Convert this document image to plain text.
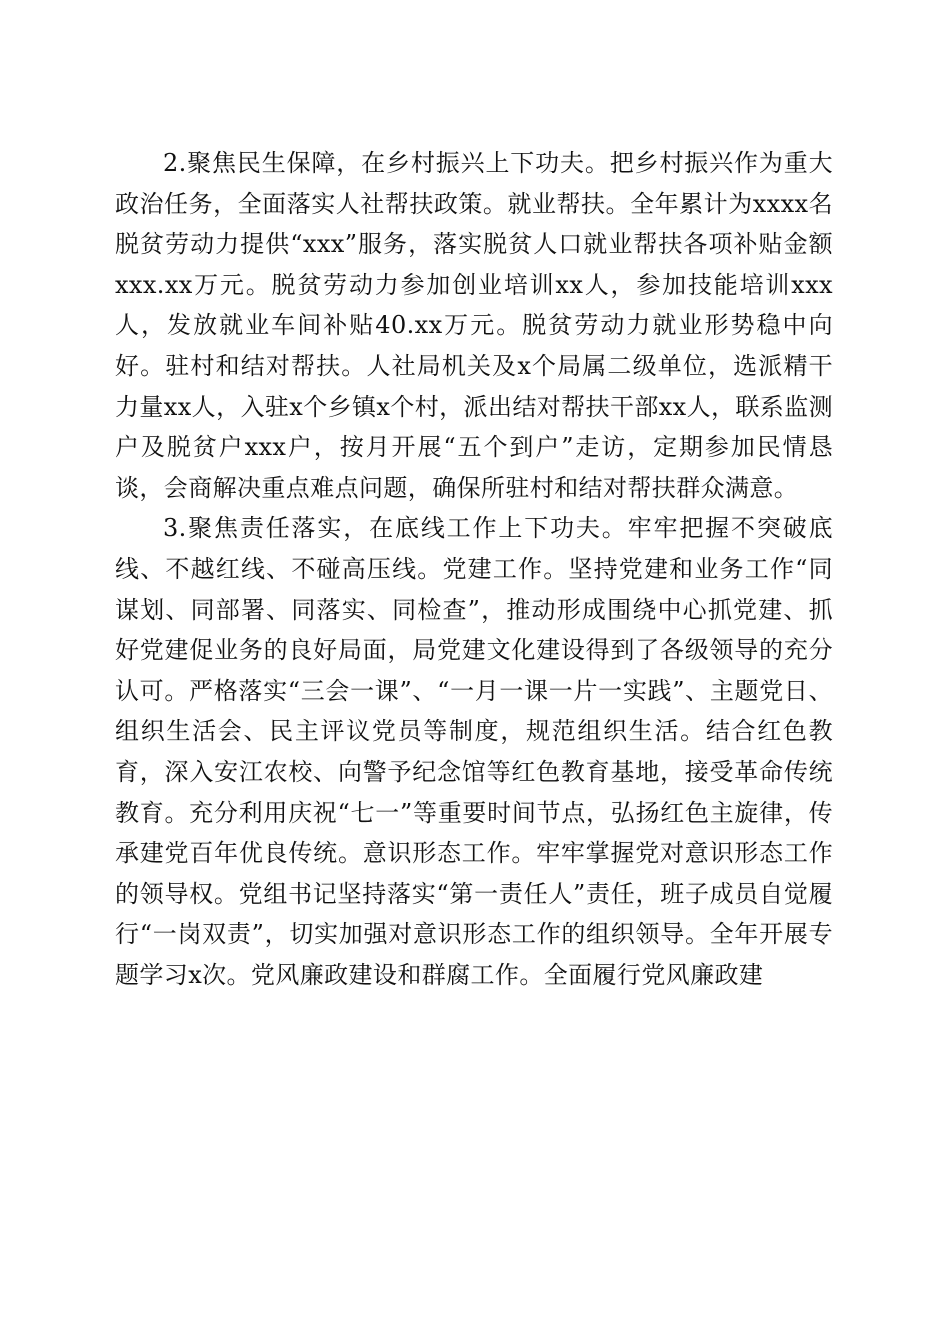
2.聚焦民生保障，在乡村振兴上下功夫。把乡村振兴作为重大政治任务，全面落实人社帮扶政策。就业帮扶。全年累计为xxxx名脱贫劳动力提供“xxx”服务，落实脱贫人口就业帮扶各项补贴金额xxx.xx万元。脱贫劳动力参加创业培训xx人，参加技能培训xxx人，发放就业车间补贴40.xx万元。脱贫劳动力就业形势稳中向好。驻村和结对帮扶。人社局机关及x个局属二级单位，选派精干力量xx人，入驻x个乡镇x个村，派出结对帮扶干部xx人，联系监测户及脱贫户xxx户，按月开展“五个到户”走访，定期参加民情恳谈，会商解决重点难点问题，确保所驻村和结对帮扶群众满意。

3.聚焦责任落实，在底线工作上下功夫。牢牢把握不突破底线、不越红线、不碰高压线。党建工作。坚持党建和业务工作“同谋划、同部署、同落实、同检查”，推动形成围绕中心抓党建、抓好党建促业务的良好局面，局党建文化建设得到了各级领导的充分认可。严格落实“三会一课”、“一月一课一片一实践”、主题党日、组织生活会、民主评议党员等制度，规范组织生活。结合红色教育，深入安江农校、向警予纪念馆等红色教育基地，接受革命传统教育。充分利用庆祝“七一”等重要时间节点，弘扬红色主旋律，传承建党百年优良传统。意识形态工作。牢牢掌握党对意识形态工作的领导权。党组书记坚持落实“第一责任人”责任，班子成员自觉履行“一岗双责”，切实加强对意识形态工作的组织领导。全年开展专题学习x次。党风廉政建设和群腐工作。全面履行党风廉政建
